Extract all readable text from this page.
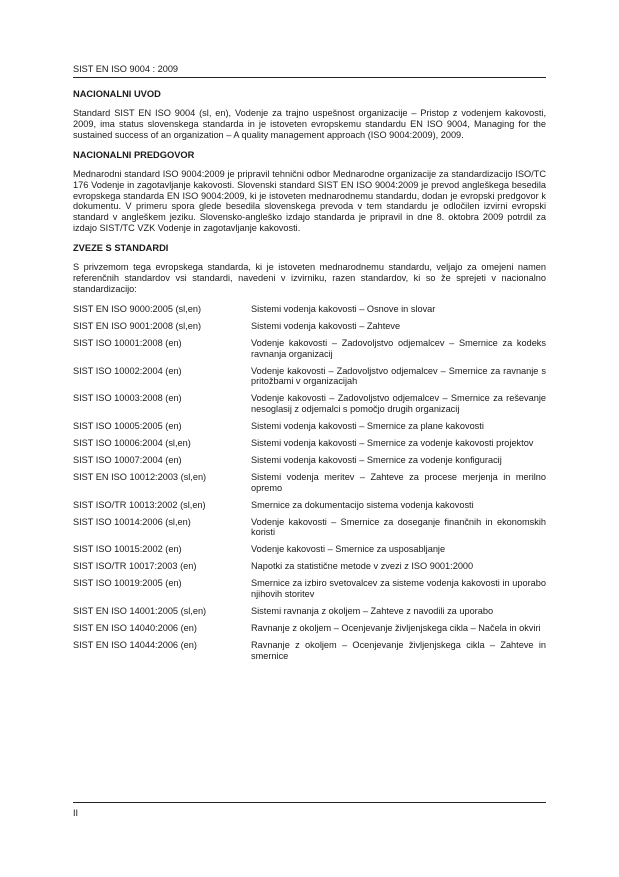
SIST EN ISO 9004 : 2009
NACIONALNI UVOD

Standard SIST EN ISO 9004 (sl, en), Vodenje za trajno uspešnost organizacije – Pristop z vodenjem kakovosti, 2009, ima status slovenskega standarda in je istoveten evropskemu standardu EN ISO 9004, Managing for the sustained success of an organization – A quality management approach (ISO 9004:2009), 2009.

NACIONALNI PREDGOVOR

Mednarodni standard ISO 9004:2009 je pripravil tehnični odbor Mednarodne organizacije za standardizacijo ISO/TC 176 Vodenje in zagotavljanje kakovosti. Slovenski standard SIST EN ISO 9004:2009 je prevod angleškega besedila evropskega standarda EN ISO 9004:2009, ki je istoveten mednarodnemu standardu, dodan je evropski predgovor k dokumentu. V primeru spora glede besedila slovenskega prevoda v tem standardu je odločilen izvirni evropski standard v angleškem jeziku. Slovensko-angleško izdajo standarda je pripravil in dne 8. oktobra 2009 potrdil za izdajo SIST/TC VZK Vodenje in zagotavljanje kakovosti.

ZVEZE S STANDARDI

S privzemom tega evropskega standarda, ki je istoveten mednarodnemu standardu, veljajo za omejeni namen referenčnih standardov vsi standardi, navedeni v izvirniku, razen standardov, ki so že sprejeti v nacionalno standardizacijo:

SIST EN ISO 9000:2005 (sl,en)	Sistemi vodenja kakovosti – Osnove in slovar
SIST EN ISO 9001:2008 (sl,en)	Sistemi vodenja kakovosti – Zahteve
SIST ISO 10001:2008 (en)	Vodenje kakovosti – Zadovoljstvo odjemalcev – Smernice za kodeks ravnanja organizacij
SIST ISO 10002:2004 (en)	Vodenje kakovosti – Zadovoljstvo odjemalcev – Smernice za ravnanje s pritožbami v organizacijah
SIST ISO 10003:2008 (en)	Vodenje kakovosti – Zadovoljstvo odjemalcev – Smernice za reševanje nesoglasij z odjemalci s pomočjo drugih organizacij
SIST ISO 10005:2005 (en)	Sistemi vodenja kakovosti – Smernice za plane kakovosti
SIST ISO 10006:2004 (sl,en)	Sistemi vodenja kakovosti – Smernice za vodenje kakovosti projektov
SIST ISO 10007:2004 (en)	Sistemi vodenja kakovosti – Smernice za vodenje konfiguracij
SIST EN ISO 10012:2003 (sl,en)	Sistemi vodenja meritev – Zahteve za procese merjenja in merilno opremo
SIST ISO/TR 10013:2002 (sl,en)	Smernice za dokumentacijo sistema vodenja kakovosti
SIST ISO 10014:2006 (sl,en)	Vodenje kakovosti – Smernice za doseganje finančnih in ekonomskih koristi
SIST ISO 10015:2002 (en)	Vodenje kakovosti – Smernice za usposabljanje
SIST ISO/TR 10017:2003 (en)	Napotki za statistične metode v zvezi z ISO 9001:2000
SIST ISO 10019:2005 (en)	Smernice za izbiro svetovalcev za sisteme vodenja kakovosti in uporabo njihovih storitev
SIST EN ISO 14001:2005 (sl,en)	Sistemi ravnanja z okoljem – Zahteve z navodili za uporabo
SIST EN ISO 14040:2006 (en)	Ravnanje z okoljem – Ocenjevanje življenjskega cikla – Načela in okviri
SIST EN ISO 14044:2006 (en)	Ravnanje z okoljem – Ocenjevanje življenjskega cikla – Zahteve in smernice
II
